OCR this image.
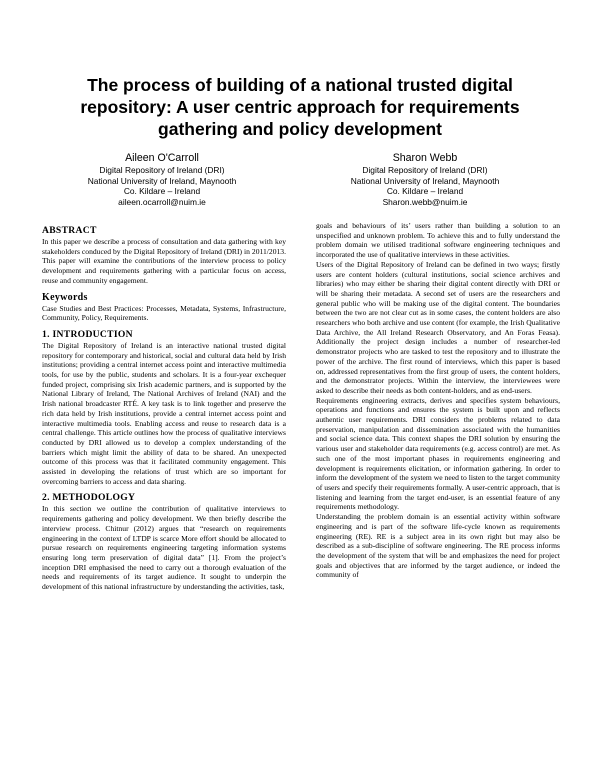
The process of building of a national trusted digital repository: A user centric approach for requirements gathering and policy development
Aileen O'Carroll
Digital Repository of Ireland (DRI)
National University of Ireland, Maynooth
Co. Kildare – Ireland
aileen.ocarroll@nuim.ie
Sharon Webb
Digital Repository of Ireland (DRI)
National University of Ireland, Maynooth
Co. Kildare – Ireland
Sharon.webb@nuim.ie
ABSTRACT

In this paper we describe a process of consultation and data gathering with key stakeholders conduced by the Digital Repository of Ireland (DRI) in 2011/2013. This paper will examine the contributions of the interview process to policy development and requirements gathering with a particular focus on access, reuse and community engagement.

Keywords

Case Studies and Best Practices: Processes, Metadata, Systems, Infrastructure, Community, Policy, Requirements.

1. INTRODUCTION

The Digital Repository of Ireland is an interactive national trusted digital repository for contemporary and historical, social and cultural data held by Irish institutions; providing a central internet access point and interactive multimedia tools, for use by the public, students and scholars. It is a four-year exchequer funded project, comprising six Irish academic partners, and is supported by the National Library of Ireland, The National Archives of Ireland (NAI) and the Irish national broadcaster RTÉ. A key task is to link together and preserve the rich data held by Irish institutions, provide a central internet access point and interactive multimedia tools. Enabling access and reuse to research data is a central challenge. This article outlines how the process of qualitative interviews conducted by DRI allowed us to develop a complex understanding of the barriers which might limit the ability of data to be shared. An unexpected outcome of this process was that it facilitated community engagement. This assisted in developing the relations of trust which are so important for overcoming barriers to access and data sharing.

2. METHODOLOGY

In this section we outline the contribution of qualitative interviews to requirements gathering and policy development. We then briefly describe the interview process. Chitnur (2012) argues that “research on requirements engineering in the context of LTDP is scarce More effort should be allocated to pursue research on requirements engineering targeting information systems ensuring long term preservation of digital data” [1]. From the project’s inception DRI emphasised the need to carry out a thorough evaluation of the needs and requirements of its target audience. It sought to underpin the development of this national infrastructure by understanding the activities, task,

goals and behaviours of its’ users rather than building a solution to an unspecified and unknown problem. To achieve this and to fully understand the problem domain we utilised traditional software engineering techniques and incorporated the use of qualitative interviews in these activities.

Users of the Digital Repository of Ireland can be defined in two ways; firstly users are content holders (cultural institutions, social science archives and libraries) who may either be sharing their digital content directly with DRI or will be sharing their metadata. A second set of users are the researchers and general public who will be making use of the digital content. The boundaries between the two are not clear cut as in some cases, the content holders are also researchers who both archive and use content (for example, the Irish Qualitative Data Archive, the All Ireland Research Observatory, and An Foras Feasa). Additionally the project design includes a number of researcher-led demonstrator projects who are tasked to test the repository and to illustrate the power of the archive. The first round of interviews, which this paper is based on, addressed representatives from the first group of users, the content holders, and the demonstrator projects. Within the interview, the interviewees were asked to describe their needs as both content-holders, and as end-users.

Requirements engineering extracts, derives and specifies system behaviours, operations and functions and ensures the system is built upon and reflects authentic user requirements. DRI considers the problems related to data preservation, manipulation and dissemination associated with the humanities and social science data. This context shapes the DRI solution by ensuring the various user and stakeholder data requirements (e.g. access control) are met. As such one of the most important phases in requirements engineering and development is requirements elicitation, or information gathering. In order to inform the development of the system we need to listen to the target community of users and specify their requirements formally. A user-centric approach, that is listening and learning from the target end-user, is an essential feature of any requirements methodology.

Understanding the problem domain is an essential activity within software engineering and is part of the software life-cycle known as requirements engineering (RE). RE is a subject area in its own right but may also be described as a sub-discipline of software engineering. The RE process informs the development of the system that will be and emphasizes the need for project goals and objectives that are informed by the target audience, or indeed the community of
